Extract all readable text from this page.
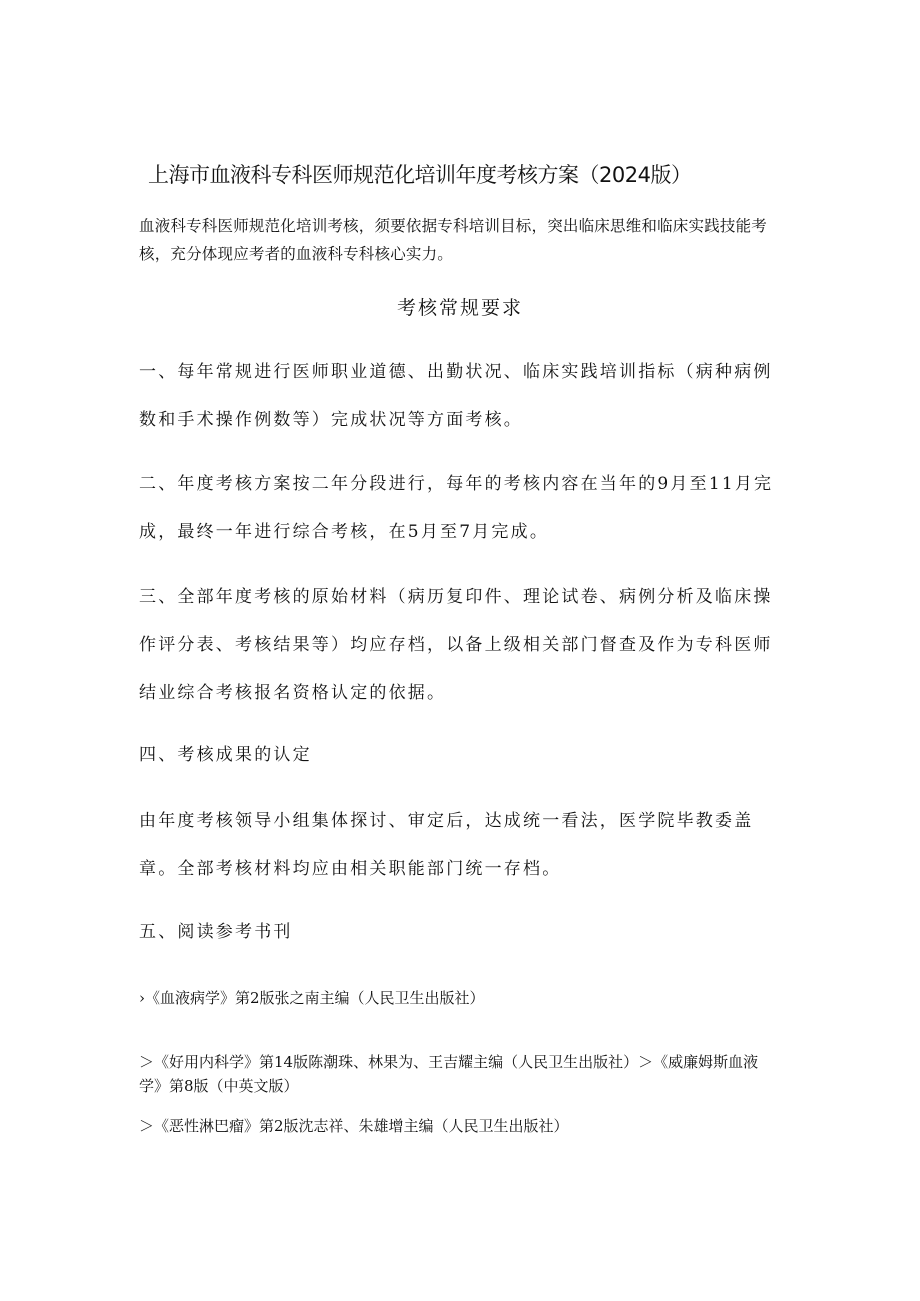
上海市血液科专科医师规范化培训年度考核方案（2024版）
血液科专科医师规范化培训考核，须要依据专科培训目标，突出临床思维和临床实践技能考核，充分体现应考者的血液科专科核心实力。
考核常规要求
一、每年常规进行医师职业道德、出勤状况、临床实践培训指标（病种病例数和手术操作例数等）完成状况等方面考核。
二、年度考核方案按二年分段进行，每年的考核内容在当年的9月至11月完成，最终一年进行综合考核，在5月至7月完成。
三、全部年度考核的原始材料（病历复印件、理论试卷、病例分析及临床操作评分表、考核结果等）均应存档，以备上级相关部门督查及作为专科医师结业综合考核报名资格认定的依据。
四、考核成果的认定
由年度考核领导小组集体探讨、审定后，达成统一看法，医学院毕教委盖章。全部考核材料均应由相关职能部门统一存档。
五、阅读参考书刊
›《血液病学》第2版张之南主编（人民卫生出版社）
＞《好用内科学》第14版陈潮珠、林果为、王吉耀主编（人民卫生出版社）＞《威廉姆斯血液学》第8版（中英文版）
＞《恶性淋巴瘤》第2版沈志祥、朱雄增主编（人民卫生出版社）
